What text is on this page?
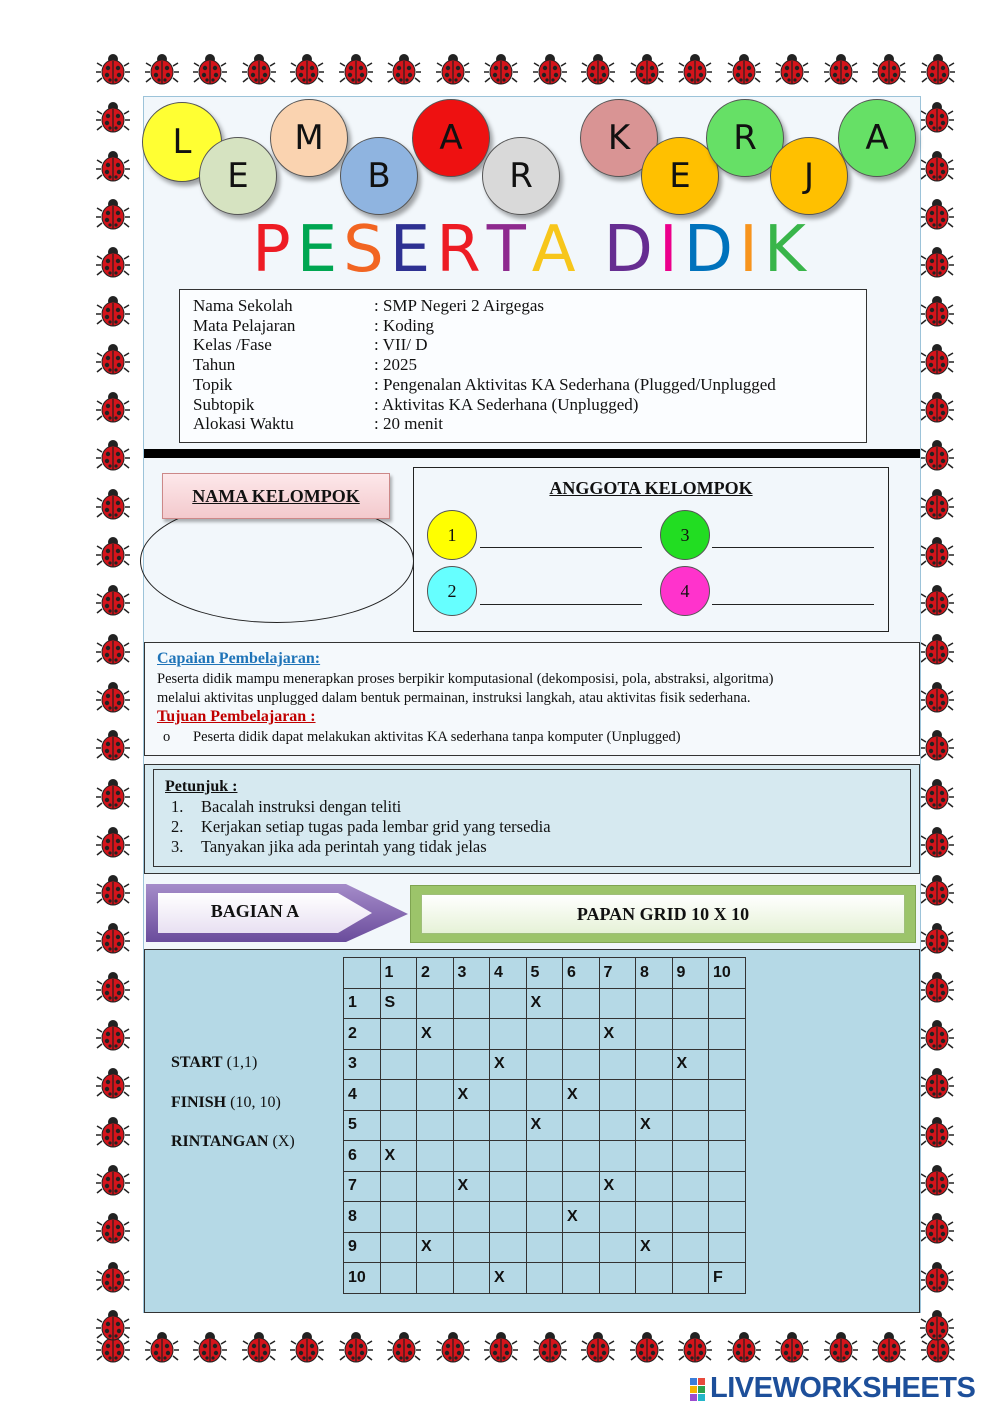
L
E
M
B
A
R
K
E
R
J
A
PESERTA DIDIK
Nama Sekolah	: SMP Negeri 2 Airgegas
Mata Pelajaran	: Koding
Kelas /Fase	: VII/ D
Tahun	: 2025
Topik	: Pengenalan Aktivitas KA Sederhana (Plugged/Unplugged
Subtopik	: Aktivitas KA Sederhana (Unplugged)
Alokasi Waktu	: 20 menit
NAMA KELOMPOK	ANGGOTA KELOMPOK
1
2
3
4
Capaian Pembelajaran:
Peserta didik mampu menerapkan proses berpikir komputasional (dekomposisi, pola, abstraksi, algoritma)
melalui aktivitas unplugged dalam bentuk permainan, instruksi langkah, atau aktivitas fisik sederhana.
Tujuan Pembelajaran :
o Peserta didik dapat melakukan aktivitas KA sederhana tanpa komputer (Unplugged)
Petunjuk :
1. Bacalah instruksi dengan teliti
2. Kerjakan setiap tugas pada lembar grid yang tersedia
3. Tanyakan jika ada perintah yang tidak jelas
BAGIAN A	PAPAN GRID 10 X 10
START (1,1)
FINISH (10, 10)
RINTANGAN (X)
	1	2	3	4	5	6	7	8	9	10
1	S				X					
2		X					X			
3				X					X	
4			X			X				
5					X			X		
6	X									
7			X				X			
8						X				
9		X						X		
10				X						F
LIVEWORKSHEETS
